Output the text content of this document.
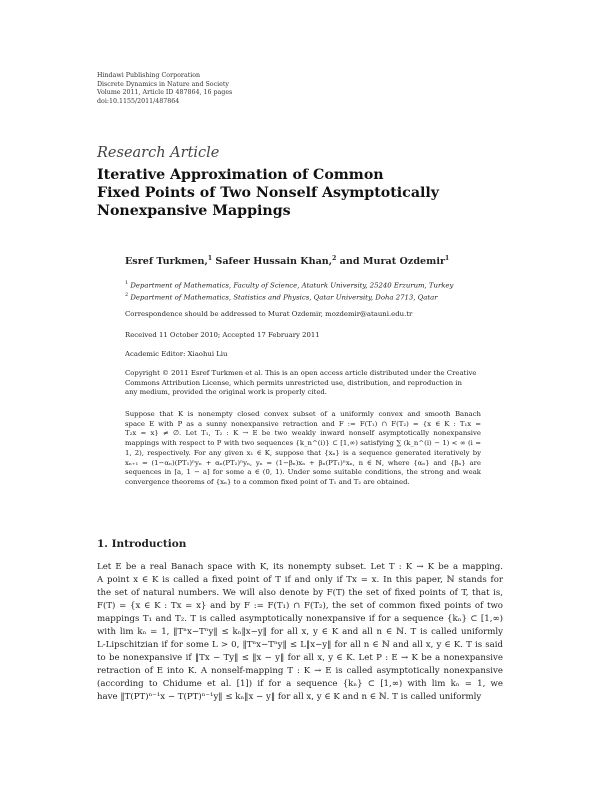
Hindawi Publishing Corporation
Discrete Dynamics in Nature and Society
Volume 2011, Article ID 487864, 16 pages
doi:10.1155/2011/487864
Research Article
Iterative Approximation of Common
Fixed Points of Two Nonself Asymptotically
Nonexpansive Mappings
Esref Turkmen,$^1$ Safeer Hussain Khan,$^2$ and Murat Ozdemir$^1$
$^1$ Department of Mathematics, Faculty of Science, Ataturk University, 25240 Erzurum, Turkey
$^2$ Department of Mathematics, Statistics and Physics, Qatar University, Doha 2713, Qatar
Correspondence should be addressed to Murat Ozdemir, mozdemir@atauni.edu.tr
Received 11 October 2010; Accepted 17 February 2011
Academic Editor: Xiaohui Liu
Copyright © 2011 Esref Turkmen et al. This is an open access article distributed under the Creative
Commons Attribution License, which permits unrestricted use, distribution, and reproduction in
any medium, provided the original work is properly cited.
Suppose that K is nonempty closed convex subset of a uniformly convex and smooth Banach
space E with P as a sunny nonexpansive retraction and F := F(T₁) ∩ F(T₂) = {x ∈ K : T₁x =
T₂x = x} ≠ ∅. Let T₁, T₂ : K → E be two weakly inward nonself asymptotically nonexpansive
mappings with respect to P with two sequences {k_n^(i)} ⊂ [1,∞) satisfying ∑ (k_n^(i) − 1) < ∞ (i =
1, 2), respectively. For any given x₁ ∈ K, suppose that {xₙ} is a sequence generated iteratively by
xₙ₊₁ = (1−αₙ)(PT₁)ⁿyₙ + αₙ(PT₂)ⁿyₙ, yₙ = (1−βₙ)xₙ + βₙ(PT₁)ⁿxₙ, n ∈ ℕ, where {αₙ} and {βₙ} are
sequences in [a, 1 − a] for some a ∈ (0, 1). Under some suitable conditions, the strong and weak
convergence theorems of {xₙ} to a common fixed point of T₁ and T₂ are obtained.
1. Introduction
Let E be a real Banach space with K, its nonempty subset. Let T : K → K be a mapping.
A point x ∈ K is called a fixed point of T if and only if Tx = x. In this paper, ℕ stands for
the set of natural numbers. We will also denote by F(T) the set of fixed points of T, that is,
F(T) = {x ∈ K : Tx = x} and by F := F(T₁) ∩ F(T₂), the set of common fixed points of two
mappings T₁ and T₂. T is called asymptotically nonexpansive if for a sequence {kₙ} ⊂ [1,∞)
with lim kₙ = 1, ‖Tⁿx−Tⁿy‖ ≤ kₙ‖x−y‖ for all x, y ∈ K and all n ∈ ℕ. T is called uniformly
L-Lipschitzian if for some L > 0, ‖Tⁿx−Tⁿy‖ ≤ L‖x−y‖ for all n ∈ ℕ and all x, y ∈ K. T is said
to be nonexpansive if ‖Tx − Ty‖ ≤ ‖x − y‖ for all x, y ∈ K. Let P : E → K be a nonexpansive
retraction of E into K. A nonself-mapping T : K → E is called asymptotically nonexpansive
(according to Chidume et al. [1]) if for a sequence {kₙ} ⊂ [1,∞) with lim kₙ = 1, we
have ‖T(PT)ⁿ⁻¹x − T(PT)ⁿ⁻¹y‖ ≤ kₙ‖x − y‖ for all x, y ∈ K and n ∈ ℕ. T is called uniformly
